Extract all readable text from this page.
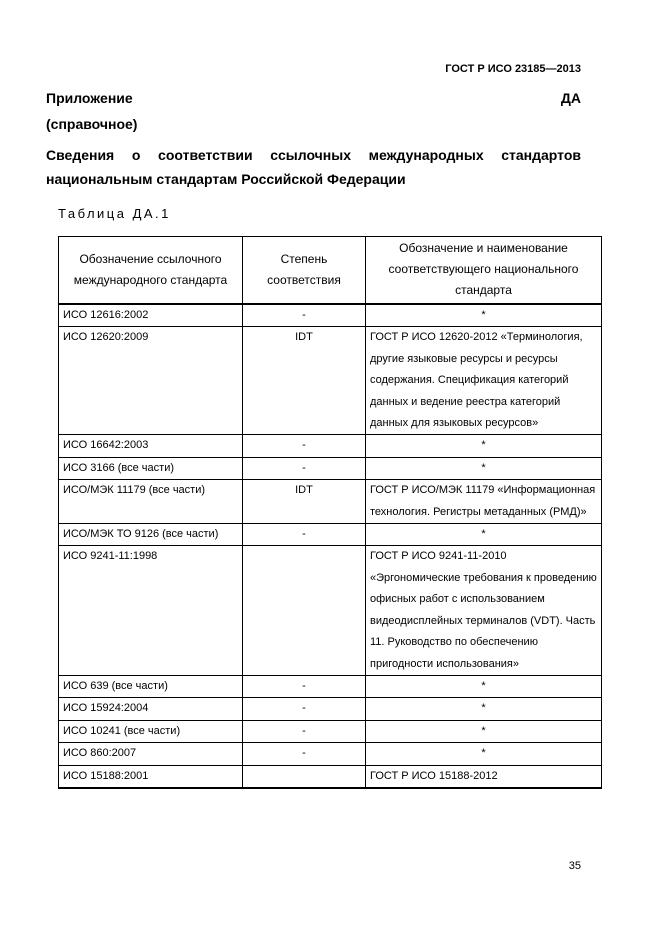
ГОСТ Р ИСО 23185—2013
Приложение	ДА
(справочное)
Сведения о соответствии ссылочных международных стандартов национальным стандартам Российской Федерации
Таблица ДА.1
Обозначение ссылочного международного стандарта	Степень соответствия	Обозначение и наименование соответствующего национального стандарта
ИСО 12616:2002	-	*
ИСО 12620:2009	IDT	ГОСТ Р ИСО 12620-2012 «Терминология, другие языковые ресурсы и ресурсы содержания. Спецификация категорий данных и ведение реестра категорий данных для языковых ресурсов»
ИСО 16642:2003	-	*
ИСО 3166 (все части)	-	*
ИСО/МЭК 11179 (все части)	IDT	ГОСТ Р ИСО/МЭК 11179 «Информационная технология. Регистры метаданных (РМД)»
ИСО/МЭК ТО 9126 (все части)	-	*
ИСО 9241-11:1998		ГОСТ Р ИСО 9241-11-2010 «Эргономические требования к проведению офисных работ с использованием видеодисплейных терминалов (VDT). Часть 11. Руководство по обеспечению пригодности использования»
ИСО 639 (все части)	-	*
ИСО 15924:2004	-	*
ИСО 10241 (все части)	-	*
ИСО 860:2007	-	*
ИСО 15188:2001		ГОСТ Р ИСО 15188-2012
35
